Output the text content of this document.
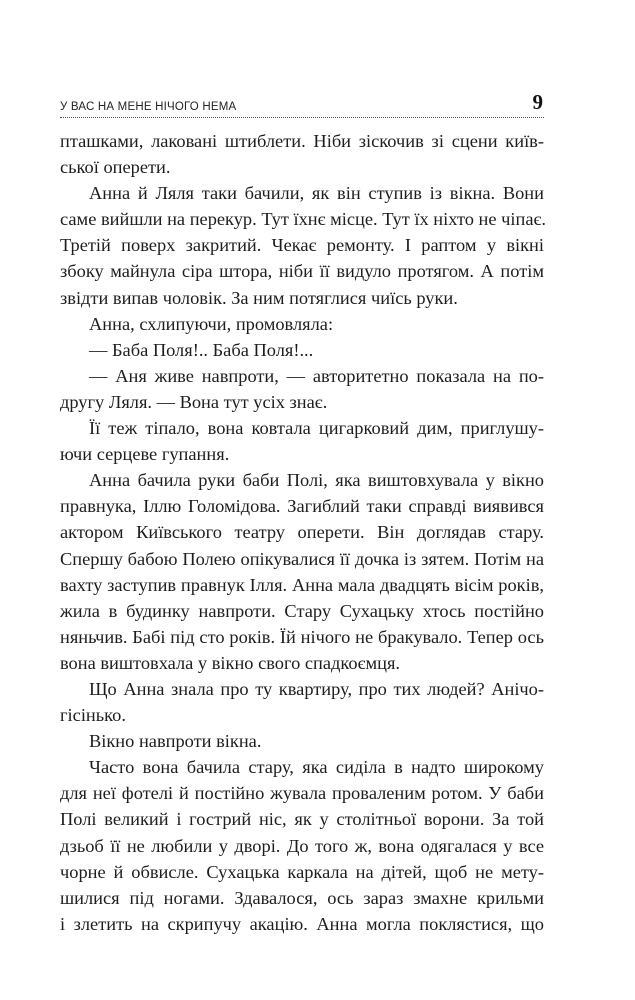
У ВАС НА МЕНЕ НІЧОГО НЕМА	9

пташками, лаковані штиблети. Ніби зіскочив зі сцени київ-

ської оперети.

Анна й Ляля таки бачили, як він ступив із вікна. Вони

саме вийшли на перекур. Тут їхнє місце. Тут їх ніхто не чіпає.

Третій поверх закритий. Чекає ремонту. І раптом у вікні

збоку майнула сіра штора, ніби її видуло протягом. А потім

звідти випав чоловік. За ним потяглися чиїсь руки.

Анна, схлипуючи, промовляла:

— Баба Поля!.. Баба Поля!...

— Аня живе навпроти, — авторитетно показала на по-

другу Ляля. — Вона тут усіх знає.

Її теж тіпало, вона ковтала цигарковий дим, приглушу-

ючи серцеве гупання.

Анна бачила руки баби Полі, яка виштовхувала у вікно

правнука, Іллю Голомідова. Загиблий таки справді виявився

актором Київського театру оперети. Він доглядав стару.

Спершу бабою Полею опікувалися її дочка із зятем. Потім на

вахту заступив правнук Ілля. Анна мала двадцять вісім років,

жила в будинку навпроти. Стару Сухацьку хтось постійно

няньчив. Бабі під сто років. Їй нічого не бракувало. Тепер ось

вона виштовхала у вікно свого спадкоємця.

Що Анна знала про ту квартиру, про тих людей? Анічо-

гісінько.

Вікно навпроти вікна.

Часто вона бачила стару, яка сиділа в надто широкому

для неї фотелі й постійно жувала провaленим ротом. У баби

Полі великий і гострий ніс, як у столітньої ворони. За той

дзьоб її не любили у дворі. До того ж, вона одягалася у все

чорне й обвисле. Сухацька каркала на дітей, щоб не мету-

шилися під ногами. Здавалося, ось зараз змахне крильми

і злетить на скрипучу акацію. Анна могла поклястися, що
